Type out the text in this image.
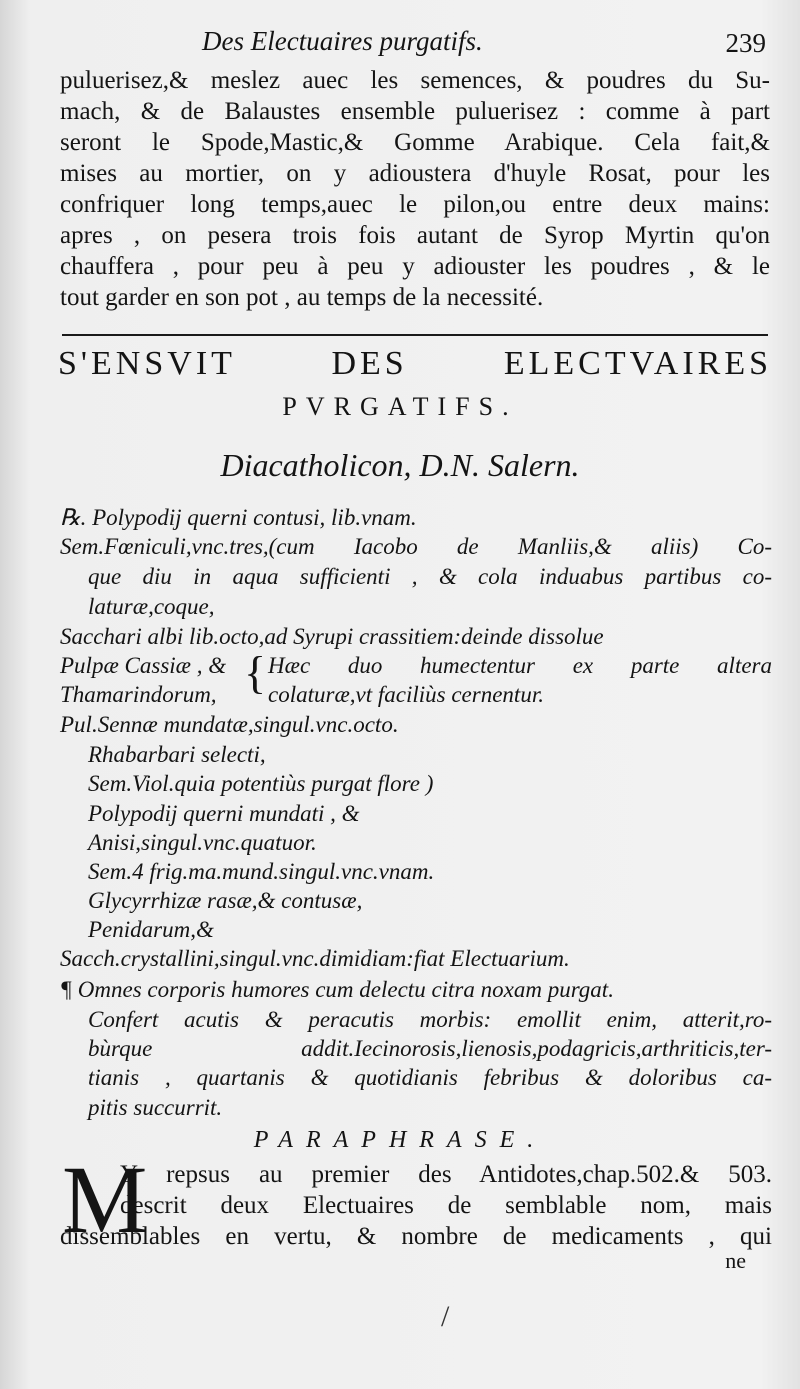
Des Electuaires purgatifs.	239
puluerisez,& meslez auec les semences, & poudres du Su-
mach, & de Balaustes ensemble puluerisez : comme à part
seront le Spode,Mastic,& Gomme Arabique. Cela fait,&
mises au mortier, on y adioustera d'huyle Rosat, pour les
confriquer long temps,auec le pilon,ou entre deux mains:
apres , on pesera trois fois autant de Syrop Myrtin qu'on
chauffera , pour peu à peu y adiouster les poudres , & le
tout garder en son pot , au temps de la necessité.
S'ENSVIT DES ELECTVAIRES
PVRGATIFS.
Diacatholicon, D.N. Salern.
℞. Polypodij querni contusi, lib.vnam.
Sem.Fœniculi,vnc.tres,(cum Iacobo de Manliis,& aliis) Co-
que diu in aqua sufficienti , & cola induabus partibus co-
laturæ,coque,
Sacchari albi lib.octo,ad Syrupi crassitiem:deinde dissolue
Pulpæ Cassiæ , &
Thamarindorum, { Hæc duo humectentur ex parte altera
colaturæ,vt faciliùs cernentur.
Pul.Sennæ mundatæ,singul.vnc.octo.
Rhabarbari selecti,
Sem.Viol.quia potentiùs purgat flore )
Polypodij querni mundati , &
Anisi,singul.vnc.quatuor.
Sem.4 frig.ma.mund.singul.vnc.vnam.
Glycyrrhizæ rasæ,& contusæ,
Penidarum,&
Sacch.crystallini,singul.vnc.dimidiam:fiat Electuarium.
¶ Omnes corporis humores cum delectu citra noxam purgat.
Confert acutis & peracutis morbis: emollit enim, atterit,ro-
bùrque addit.Iecinorosis,lienosis,podagricis,arthriticis,ter-
tianis , quartanis & quotidianis febribus & doloribus ca-
pitis succurrit.
PARAPHRASE.
M
Y repsus au premier des Antidotes,chap.502.& 503.
descrit deux Electuaires de semblable nom, mais
dissemblables en vertu, & nombre de medicaments , qui
ne
/
